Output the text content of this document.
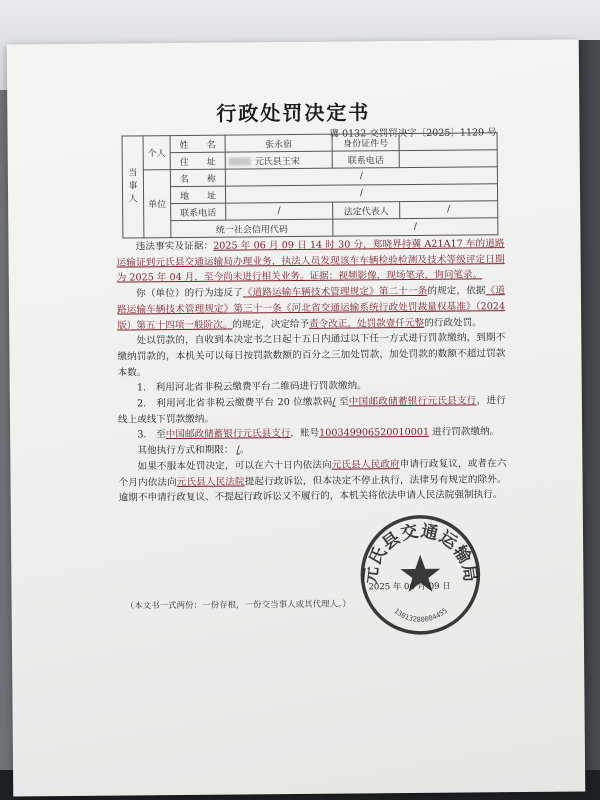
行政处罚决定书
冀 0132 交罚罚决字〔2025〕1129 号
当
事
人	个人	姓　　名	张永宿	身份证件号	
		住　　址	元氏县王宋	联系电话	
	单位	名　　称	/		
		地　　址	/		
		联系电话	/	法定代表人	/
		统一社会信用代码		/	

违法事实及证据：2025 年 06 月 09 日 14 时 30 分，郑晓界持冀 A21A17 车的道路运输证到元氏县交通运输局办理业务，执法人员发现该车车辆检验检测及技术等级评定日期为 2025 年 04 月，至今尚未进行相关业务。证据：视频影像，现场笔录，询问笔录。

你（单位）的行为违反了《道路运输车辆技术管理规定》第二十一条的规定，依据《道路运输车辆技术管理规定》第三十一条《河北省交通运输系统行政处罚裁量权基准》（2024 版）第五十四项一般阶次。的规定，决定给予责令改正，处罚款壹仟元整的行政处罚。

处以罚款的，自收到本决定书之日起十五日内通过以下任一方式进行罚款缴纳，到期不缴纳罚款的，本机关可以每日按罚款数额的百分之三加处罚款，加处罚款的数额不超过罚款本数。

1.　利用河北省非税云缴费平台二维码进行罚款缴纳。

2.　利用河北省非税云缴费平台 20 位缴款码/ 至中国邮政储蓄银行元氏县支行，进行线上或线下罚款缴纳。

3.　至中国邮政储蓄银行元氏县支行，账号100349906520010001 进行罚款缴纳。

其他执行方式和期限： /。

如果不服本处罚决定，可以在六十日内依法向元氏县人民政府申请行政复议，或者在六个月内依法向元氏县人民法院提起行政诉讼，但本决定不停止执行，法律另有规定的除外。逾期不申请行政复议、不提起行政诉讼又不履行的，本机关将依法申请人民法院强制执行。

元氏县交通运输局
13013280004455
2025 年 06 月 09 日
（本文书一式两份：一份存根，一份交当事人或其代理人。）
